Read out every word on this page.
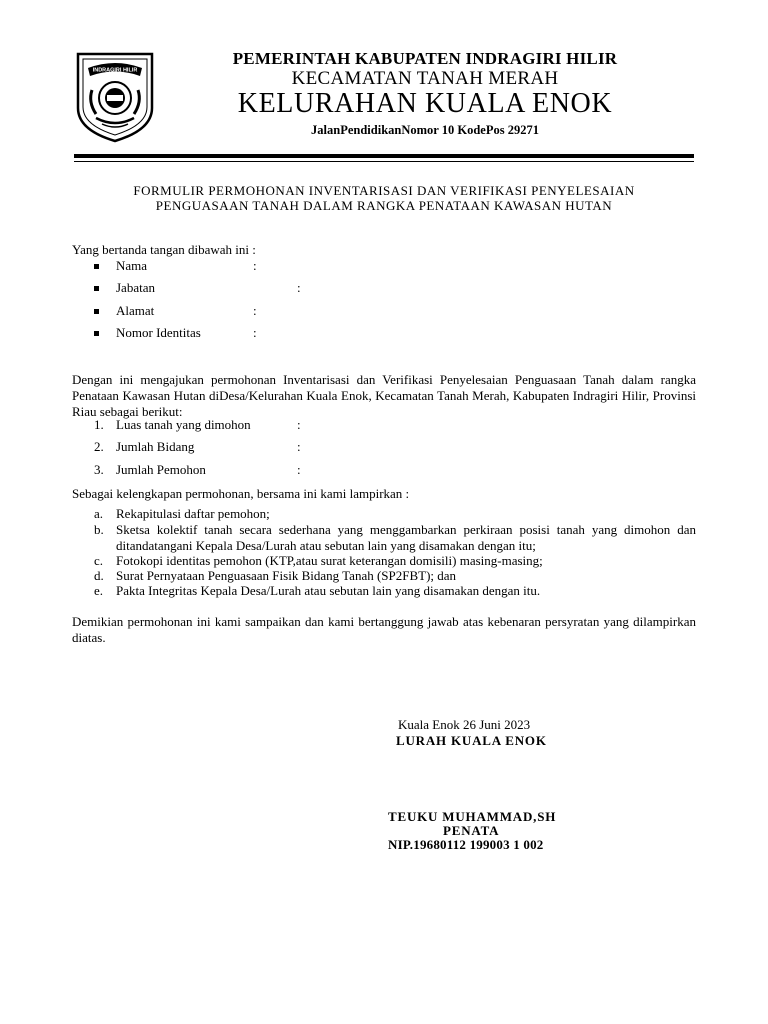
INDRAGIRI HILIR
PEMERINTAH KABUPATEN INDRAGIRI HILIR
KECAMATAN TANAH MERAH
KELURAHAN KUALA ENOK
JalanPendidikanNomor 10 KodePos 29271
FORMULIR PERMOHONAN INVENTARISASI DAN VERIFIKASI PENYELESAIAN
PENGUASAAN TANAH DALAM RANGKA PENATAAN KAWASAN HUTAN
Yang bertanda tangan dibawah ini :
Nama	:
Jabatan	:
Alamat	:
Nomor Identitas	:
Dengan ini mengajukan permohonan Inventarisasi dan Verifikasi Penyelesaian Penguasaan Tanah dalam rangka Penataan Kawasan Hutan diDesa/Kelurahan Kuala Enok, Kecamatan Tanah Merah, Kabupaten Indragiri Hilir, Provinsi Riau sebagai berikut:
1. Luas tanah yang dimohon	:
2. Jumlah Bidang	:
3. Jumlah Pemohon	:
Sebagai kelengkapan permohonan, bersama ini kami lampirkan :
a. Rekapitulasi daftar pemohon;
b. Sketsa kolektif tanah secara sederhana yang menggambarkan perkiraan posisi tanah yang dimohon dan ditandatangani Kepala Desa/Lurah atau sebutan lain yang disamakan dengan itu;
c. Fotokopi identitas pemohon (KTP,atau surat keterangan domisili) masing-masing;
d. Surat Pernyataan Penguasaan Fisik Bidang Tanah (SP2FBT); dan
e. Pakta Integritas Kepala Desa/Lurah atau sebutan lain yang disamakan dengan itu.
Demikian permohonan ini kami sampaikan dan kami bertanggung jawab atas kebenaran persyratan yang dilampirkan diatas.
Kuala Enok 26 Juni 2023
LURAH KUALA ENOK
TEUKU MUHAMMAD,SH
PENATA
NIP.19680112 199003 1 002
